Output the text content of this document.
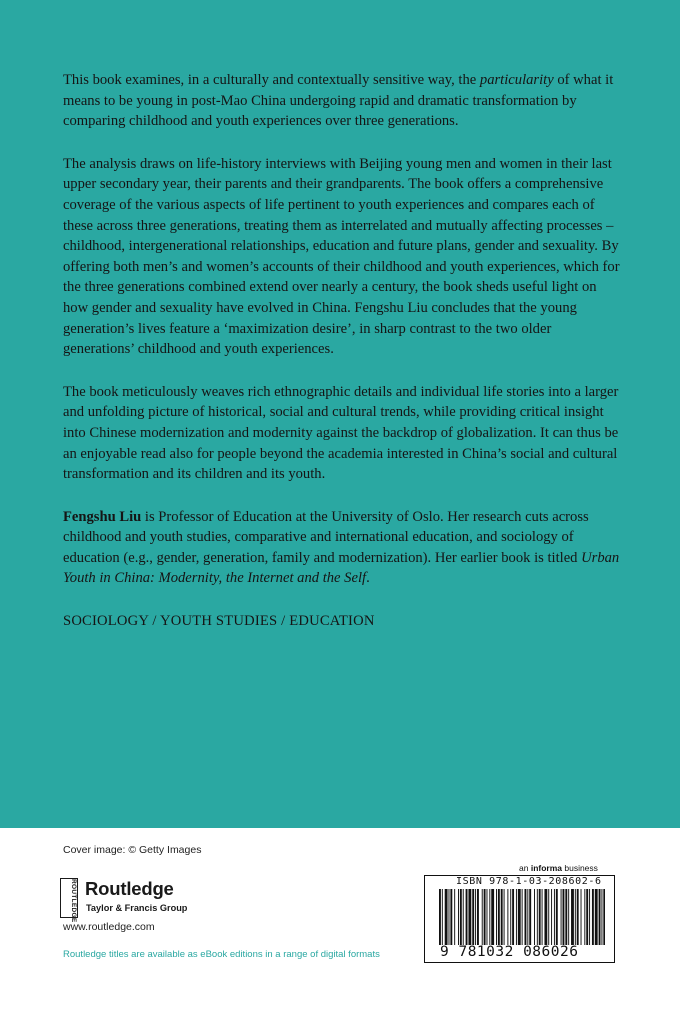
This book examines, in a culturally and contextually sensitive way, the particularity of what it means to be young in post-Mao China undergoing rapid and dramatic transformation by comparing childhood and youth experiences over three generations.

The analysis draws on life-history interviews with Beijing young men and women in their last upper secondary year, their parents and their grandparents. The book offers a comprehensive coverage of the various aspects of life pertinent to youth experiences and compares each of these across three generations, treating them as interrelated and mutually affecting processes – childhood, intergenerational relationships, education and future plans, gender and sexuality. By offering both men’s and women’s accounts of their childhood and youth experiences, which for the three generations combined extend over nearly a century, the book sheds useful light on how gender and sexuality have evolved in China. Fengshu Liu concludes that the young generation’s lives feature a ‘maximization desire’, in sharp contrast to the two older generations’ childhood and youth experiences.

The book meticulously weaves rich ethnographic details and individual life stories into a larger and unfolding picture of historical, social and cultural trends, while providing critical insight into Chinese modernization and modernity against the backdrop of globalization. It can thus be an enjoyable read also for people beyond the academia interested in China’s social and cultural transformation and its children and its youth.

Fengshu Liu is Professor of Education at the University of Oslo. Her research cuts across childhood and youth studies, comparative and international education, and sociology of education (e.g., gender, generation, family and modernization). Her earlier book is titled Urban Youth in China: Modernity, the Internet and the Self.

SOCIOLOGY / YOUTH STUDIES / EDUCATION

Cover image: © Getty Images
ROUTLEDGE Routledge
Taylor & Francis Group
www.routledge.com
Routledge titles are available as eBook editions in a range of digital formats
an informa business
ISBN 978-1-03-208602-6
9 781032 086026
